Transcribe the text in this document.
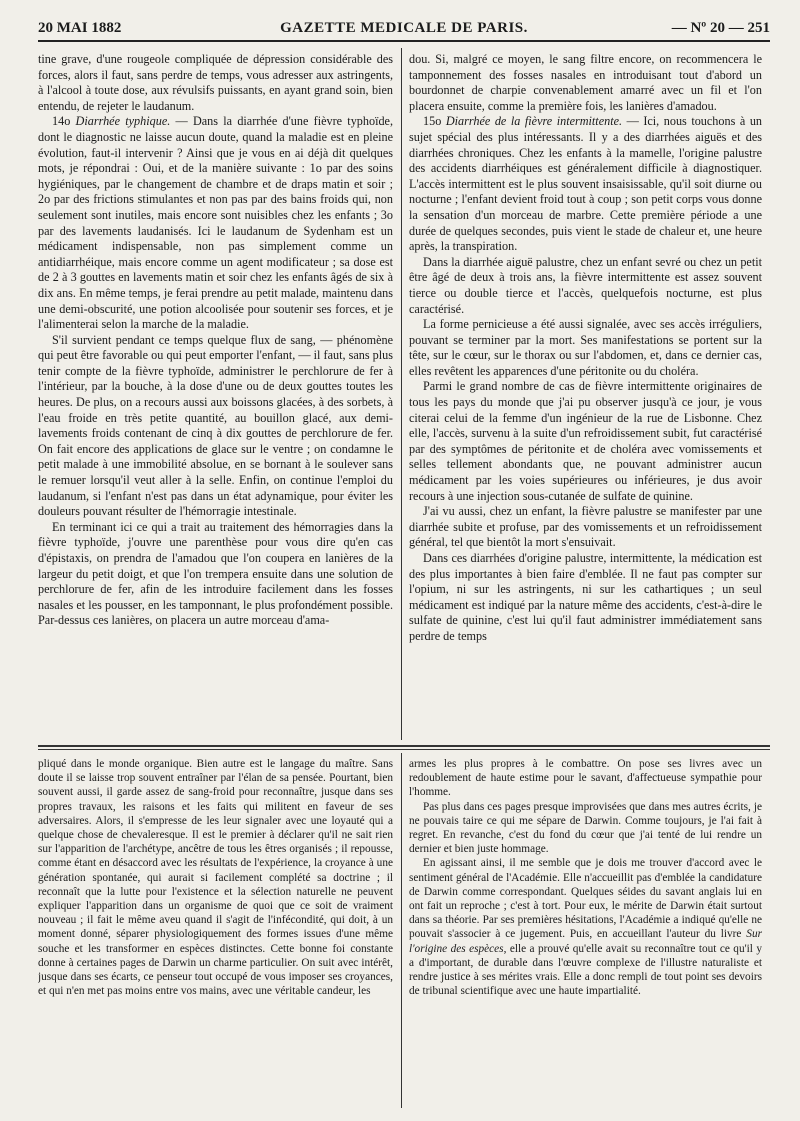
20 MAI 1882	GAZETTE MEDICALE DE PARIS.	— Nº 20 — 251

tine grave, d'une rougeole compliquée de dépression considérable des forces, alors il faut, sans perdre de temps, vous adresser aux astringents, à l'alcool à toute dose, aux révulsifs puissants, en ayant grand soin, bien entendu, de rejeter le laudanum.

14o Diarrhée typhique. — Dans la diarrhée d'une fièvre typhoïde, dont le diagnostic ne laisse aucun doute, quand la maladie est en pleine évolution, faut-il intervenir ? Ainsi que je vous en ai déjà dit quelques mots, je répondrai : Oui, et de la manière suivante : 1o par des soins hygiéniques, par le changement de chambre et de draps matin et soir ; 2o par des frictions stimulantes et non pas par des bains froids qui, non seulement sont inutiles, mais encore sont nuisibles chez les enfants ; 3o par des lavements laudanisés. Ici le laudanum de Sydenham est un médicament indispensable, non pas simplement comme un antidiarrhéique, mais encore comme un agent modificateur ; sa dose est de 2 à 3 gouttes en lavements matin et soir chez les enfants âgés de six à dix ans. En même temps, je ferai prendre au petit malade, maintenu dans une demi-obscurité, une potion alcoolisée pour soutenir ses forces, et je l'alimenterai selon la marche de la maladie.

S'il survient pendant ce temps quelque flux de sang, — phénomène qui peut être favorable ou qui peut emporter l'enfant, — il faut, sans plus tenir compte de la fièvre typhoïde, administrer le perchlorure de fer à l'intérieur, par la bouche, à la dose d'une ou de deux gouttes toutes les heures. De plus, on a recours aussi aux boissons glacées, à des sorbets, à l'eau froide en très petite quantité, au bouillon glacé, aux demi-lavements froids contenant de cinq à dix gouttes de perchlorure de fer. On fait encore des applications de glace sur le ventre ; on condamne le petit malade à une immobilité absolue, en se bornant à le soulever sans le remuer lorsqu'il veut aller à la selle. Enfin, on continue l'emploi du laudanum, si l'enfant n'est pas dans un état adynamique, pour éviter les douleurs pouvant résulter de l'hémorragie intestinale.

En terminant ici ce qui a trait au traitement des hémorragies dans la fièvre typhoïde, j'ouvre une parenthèse pour vous dire qu'en cas d'épistaxis, on prendra de l'amadou que l'on coupera en lanières de la largeur du petit doigt, et que l'on trempera ensuite dans une solution de perchlorure de fer, afin de les introduire facilement dans les fosses nasales et les pousser, en les tamponnant, le plus profondément possible. Par-dessus ces lanières, on placera un autre morceau d'ama-

dou. Si, malgré ce moyen, le sang filtre encore, on recommencera le tamponnement des fosses nasales en introduisant tout d'abord un bourdonnet de charpie convenablement amarré avec un fil et l'on placera ensuite, comme la première fois, les lanières d'amadou.

15o Diarrhée de la fièvre intermittente. — Ici, nous touchons à un sujet spécial des plus intéressants. Il y a des diarrhées aiguës et des diarrhées chroniques. Chez les enfants à la mamelle, l'origine palustre des accidents diarrhéiques est généralement difficile à diagnostiquer. L'accès intermittent est le plus souvent insaisissable, qu'il soit diurne ou nocturne ; l'enfant devient froid tout à coup ; son petit corps vous donne la sensation d'un morceau de marbre. Cette première période a une durée de quelques secondes, puis vient le stade de chaleur et, une heure après, la transpiration.

Dans la diarrhée aiguë palustre, chez un enfant sevré ou chez un petit être âgé de deux à trois ans, la fièvre intermittente est assez souvent tierce ou double tierce et l'accès, quelquefois nocturne, est plus caractérisé.

La forme pernicieuse a été aussi signalée, avec ses accès irréguliers, pouvant se terminer par la mort. Ses manifestations se portent sur la tête, sur le cœur, sur le thorax ou sur l'abdomen, et, dans ce dernier cas, elles revêtent les apparences d'une péritonite ou du choléra.

Parmi le grand nombre de cas de fièvre intermittente originaires de tous les pays du monde que j'ai pu observer jusqu'à ce jour, je vous citerai celui de la femme d'un ingénieur de la rue de Lisbonne. Chez elle, l'accès, survenu à la suite d'un refroidissement subit, fut caractérisé par des symptômes de péritonite et de choléra avec vomissements et selles tellement abondants que, ne pouvant administrer aucun médicament par les voies supérieures ou inférieures, je dus avoir recours à une injection sous-cutanée de sulfate de quinine.

J'ai vu aussi, chez un enfant, la fièvre palustre se manifester par une diarrhée subite et profuse, par des vomissements et un refroidissement général, tel que bientôt la mort s'ensuivait.

Dans ces diarrhées d'origine palustre, intermittente, la médication est des plus importantes à bien faire d'emblée. Il ne faut pas compter sur l'opium, ni sur les astringents, ni sur les cathartiques ; un seul médicament est indiqué par la nature même des accidents, c'est-à-dire le sulfate de quinine, c'est lui qu'il faut administrer immédiatement sans perdre de temps

pliqué dans le monde organique. Bien autre est le langage du maître. Sans doute il se laisse trop souvent entraîner par l'élan de sa pensée. Pourtant, bien souvent aussi, il garde assez de sang-froid pour reconnaître, jusque dans ses propres travaux, les raisons et les faits qui militent en faveur de ses adversaires. Alors, il s'empresse de les leur signaler avec une loyauté qui a quelque chose de chevaleresque. Il est le premier à déclarer qu'il ne sait rien sur l'apparition de l'archétype, ancêtre de tous les êtres organisés ; il repousse, comme étant en désaccord avec les résultats de l'expérience, la croyance à une génération spontanée, qui aurait si facilement complété sa doctrine ; il reconnaît que la lutte pour l'existence et la sélection naturelle ne peuvent expliquer l'apparition dans un organisme de quoi que ce soit de vraiment nouveau ; il fait le même aveu quand il s'agit de l'infécondité, qui doit, à un moment donné, séparer physiologiquement des formes issues d'une même souche et les transformer en espèces distinctes. Cette bonne foi constante donne à certaines pages de Darwin un charme particulier. On suit avec intérêt, jusque dans ses écarts, ce penseur tout occupé de vous imposer ses croyances, et qui n'en met pas moins entre vos mains, avec une véritable candeur, les

armes les plus propres à le combattre. On pose ses livres avec un redoublement de haute estime pour le savant, d'affectueuse sympathie pour l'homme.

Pas plus dans ces pages presque improvisées que dans mes autres écrits, je ne pouvais taire ce qui me sépare de Darwin. Comme toujours, je l'ai fait à regret. En revanche, c'est du fond du cœur que j'ai tenté de lui rendre un dernier et bien juste hommage.

En agissant ainsi, il me semble que je dois me trouver d'accord avec le sentiment général de l'Académie. Elle n'accueillit pas d'emblée la candidature de Darwin comme correspondant. Quelques séides du savant anglais lui en ont fait un reproche ; c'est à tort. Pour eux, le mérite de Darwin était surtout dans sa théorie. Par ses premières hésitations, l'Académie a indiqué qu'elle ne pouvait s'associer à ce jugement. Puis, en accueillant l'auteur du livre Sur l'origine des espèces, elle a prouvé qu'elle avait su reconnaître tout ce qu'il y a d'important, de durable dans l'œuvre complexe de l'illustre naturaliste et rendre justice à ses mérites vrais. Elle a donc rempli de tout point ses devoirs de tribunal scientifique avec une haute impartialité.
